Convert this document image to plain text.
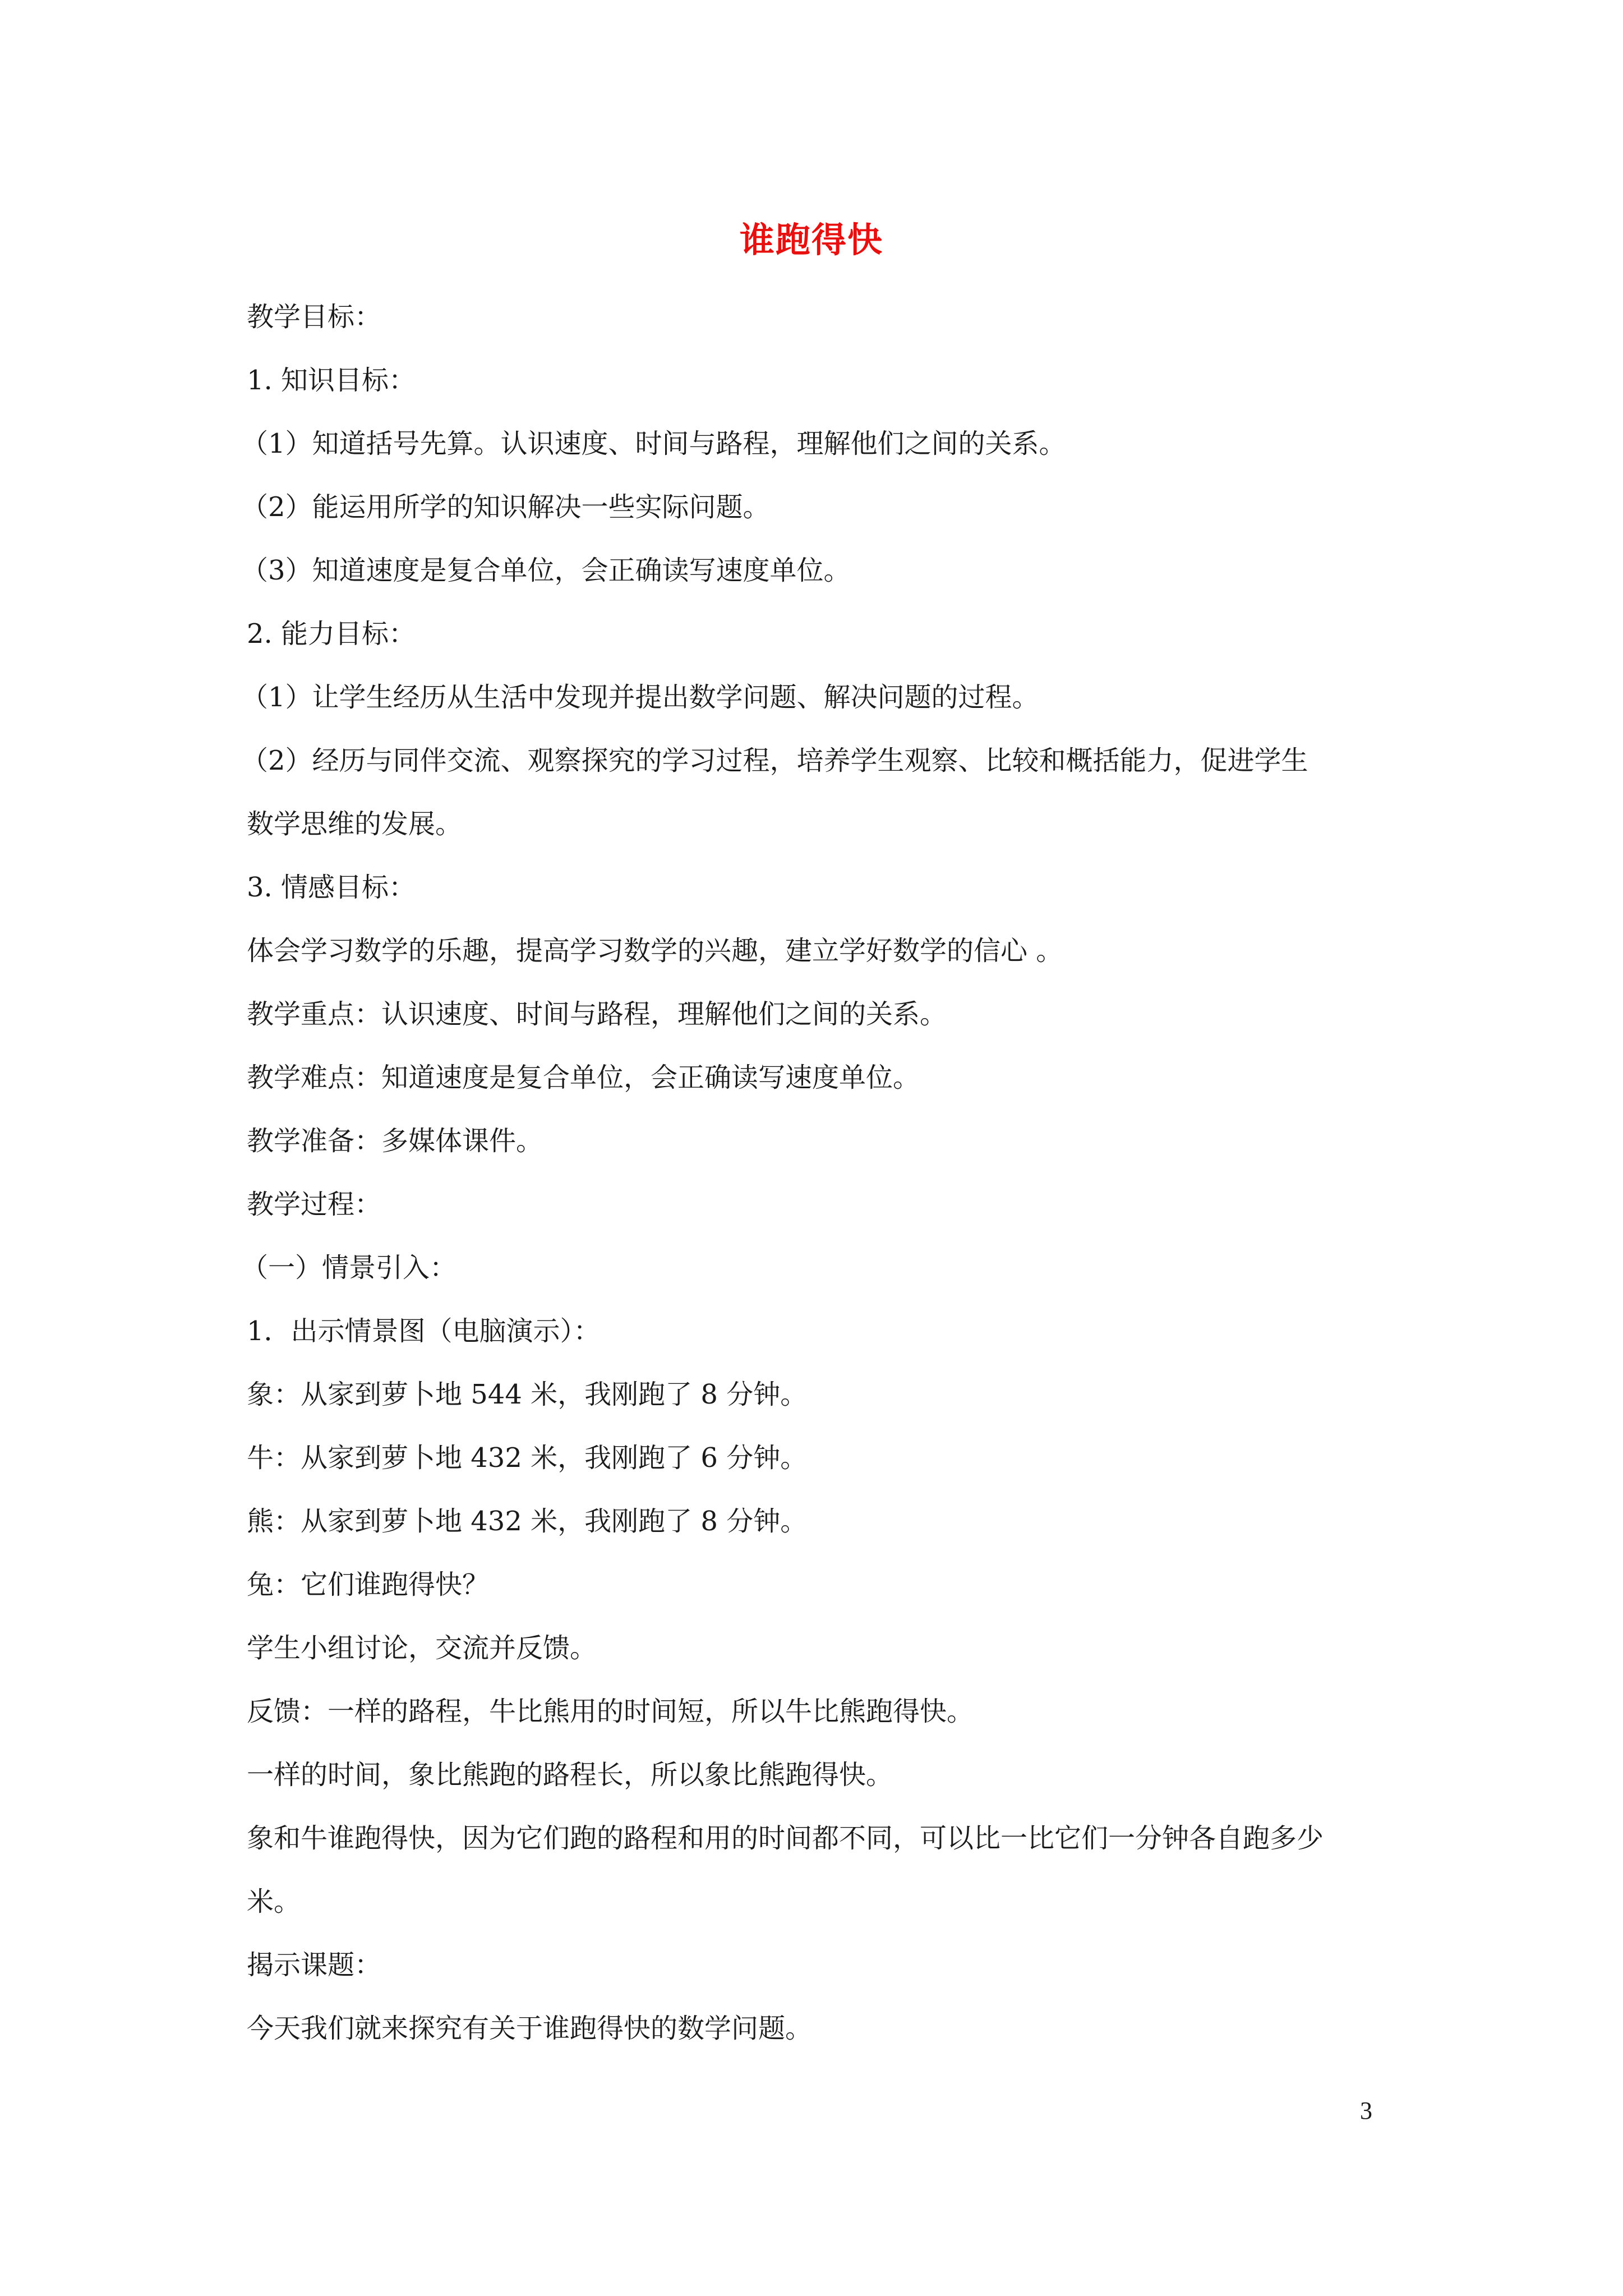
谁跑得快
教学目标：
1. 知识目标：
（1）知道括号先算。认识速度、时间与路程，理解他们之间的关系。
（2）能运用所学的知识解决一些实际问题。
（3）知道速度是复合单位，会正确读写速度单位。
2. 能力目标：
（1）让学生经历从生活中发现并提出数学问题、解决问题的过程。
（2）经历与同伴交流、观察探究的学习过程，培养学生观察、比较和概括能力，促进学生
数学思维的发展。
3. 情感目标：
体会学习数学的乐趣，提高学习数学的兴趣，建立学好数学的信心 。
教学重点：认识速度、时间与路程，理解他们之间的关系。
教学难点：知道速度是复合单位，会正确读写速度单位。
教学准备：多媒体课件。
教学过程：
（一）情景引入：
1．出示情景图（电脑演示）：
象：从家到萝卜地 544 米，我刚跑了 8 分钟。
牛：从家到萝卜地 432 米，我刚跑了 6 分钟。
熊：从家到萝卜地 432 米，我刚跑了 8 分钟。
兔：它们谁跑得快？
学生小组讨论，交流并反馈。
反馈：一样的路程，牛比熊用的时间短，所以牛比熊跑得快。
一样的时间，象比熊跑的路程长，所以象比熊跑得快。
象和牛谁跑得快，因为它们跑的路程和用的时间都不同，可以比一比它们一分钟各自跑多少
米。
揭示课题：
今天我们就来探究有关于谁跑得快的数学问题。
3
